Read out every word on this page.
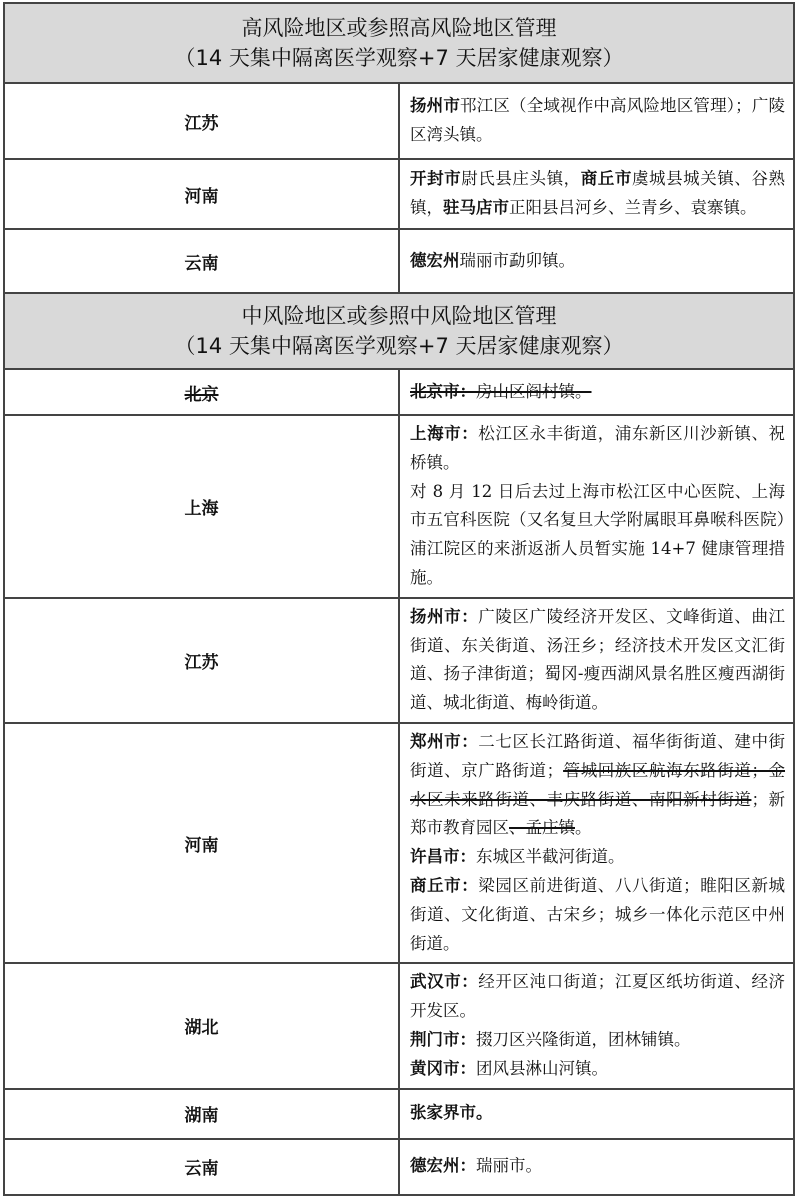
高风险地区或参照高风险地区管理
（14 天集中隔离医学观察+7 天居家健康观察）	

江苏	扬州市邗江区（全域视作中高风险地区管理）；广陵区湾头镇。
河南	开封市尉氏县庄头镇，商丘市虞城县城关镇、谷熟镇，驻马店市正阳县吕河乡、兰青乡、袁寨镇。
云南	德宏州瑞丽市勐卯镇。

中风险地区或参照中风险地区管理
（14 天集中隔离医学观察+7 天居家健康观察）	

北京	北京市：房山区阎村镇。
上海	上海市：松江区永丰街道，浦东新区川沙新镇、祝桥镇。
对 8 月 12 日后去过上海市松江区中心医院、上海市五官科医院（又名复旦大学附属眼耳鼻喉科医院）浦江院区的来浙返浙人员暂实施 14+7 健康管理措施。
江苏	扬州市：广陵区广陵经济开发区、文峰街道、曲江街道、东关街道、汤汪乡；经济技术开发区文汇街道、扬子津街道；蜀冈-瘦西湖风景名胜区瘦西湖街道、城北街道、梅岭街道。
河南	郑州市：二七区长江路街道、福华街街道、建中街街道、京广路街道；管城回族区航海东路街道；金水区未来路街道、丰庆路街道、南阳新村街道；新郑市教育园区、孟庄镇。
许昌市：东城区半截河街道。
商丘市：梁园区前进街道、八八街道；睢阳区新城街道、文化街道、古宋乡；城乡一体化示范区中州街道。
湖北	武汉市：经开区沌口街道；江夏区纸坊街道、经济开发区。
荆门市：掇刀区兴隆街道，团林铺镇。
黄冈市：团风县淋山河镇。
湖南	张家界市。
云南	德宏州：瑞丽市。
